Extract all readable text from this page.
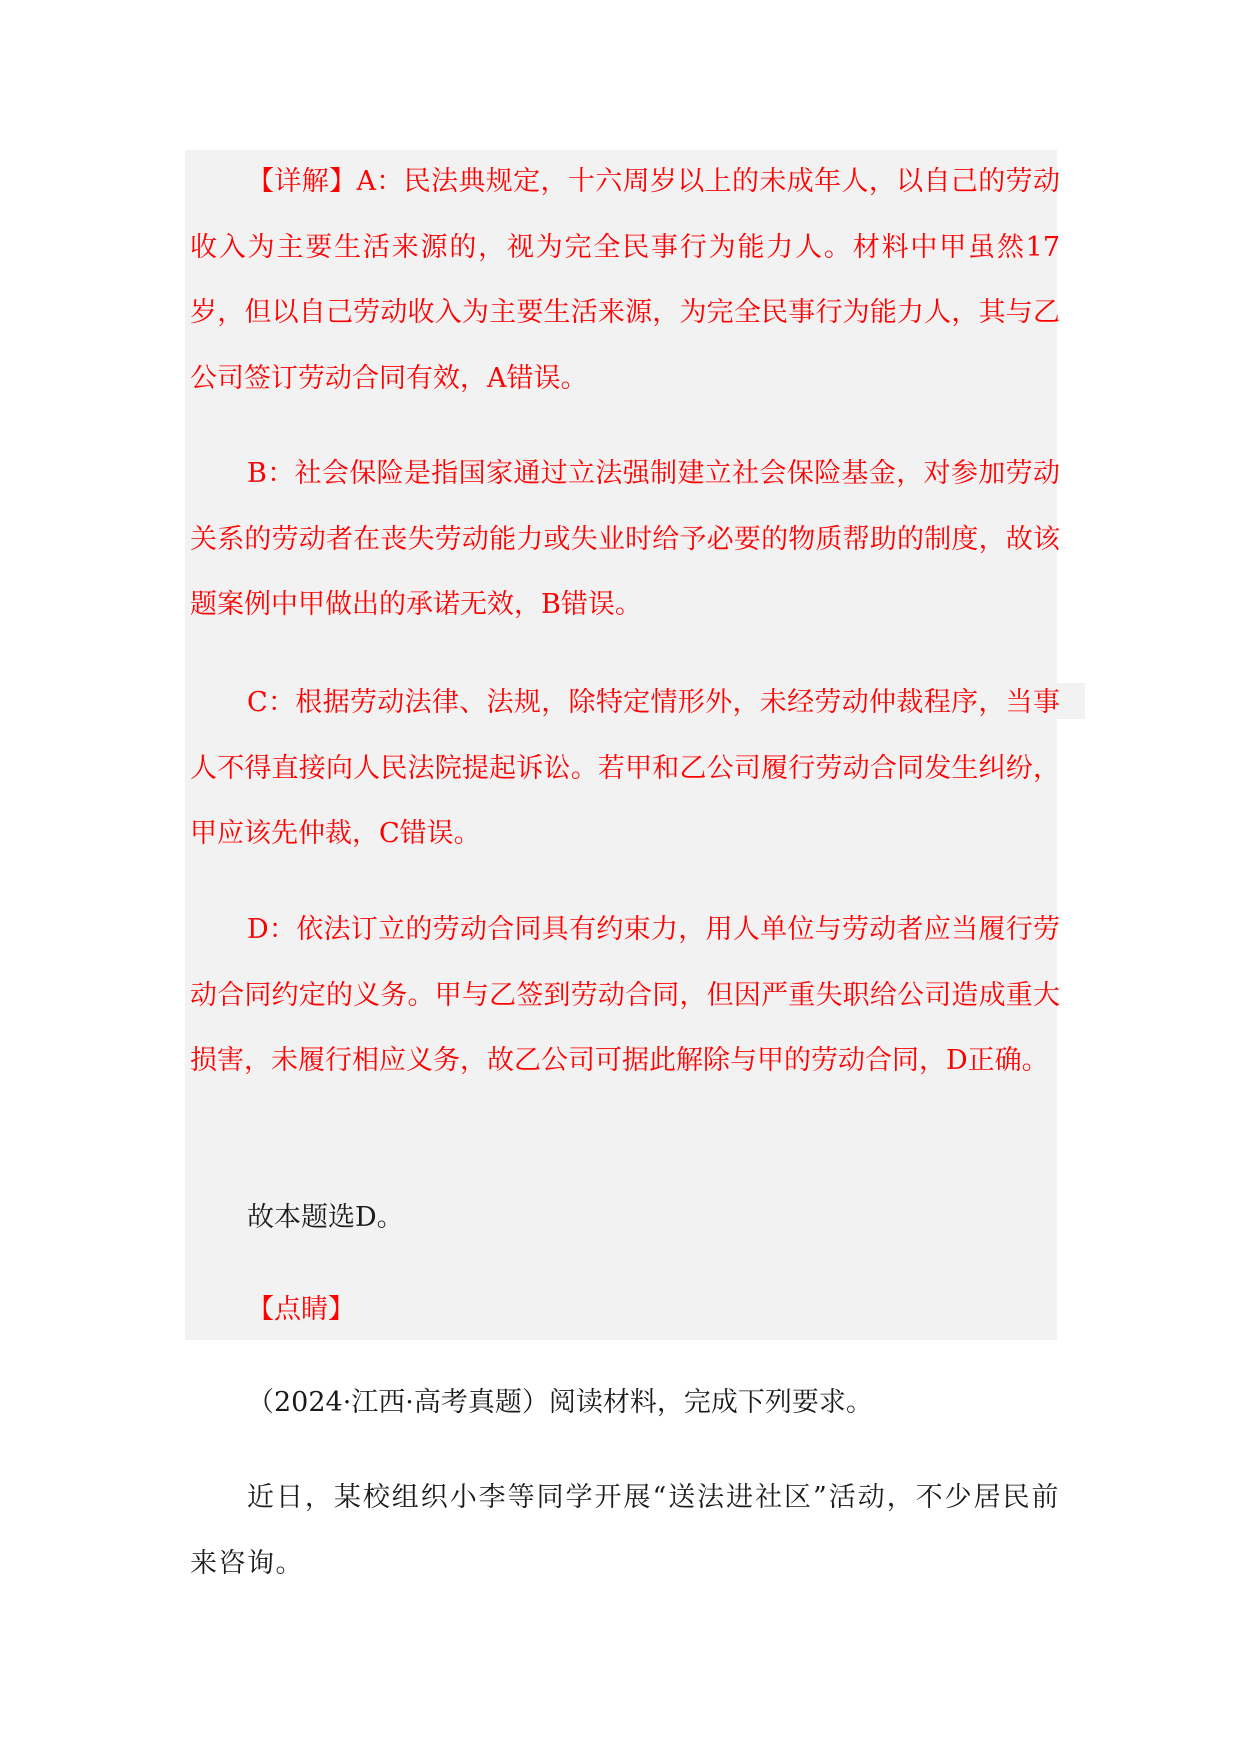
【详解】A：民法典规定，十六周岁以上的未成年人，以自己的劳动收入为主要生活来源的，视为完全民事行为能力人。材料中甲虽然17岁，但以自己劳动收入为主要生活来源，为完全民事行为能力人，其与乙公司签订劳动合同有效，A错误。

B：社会保险是指国家通过立法强制建立社会保险基金，对参加劳动关系的劳动者在丧失劳动能力或失业时给予必要的物质帮助的制度，故该题案例中甲做出的承诺无效，B错误。

C：根据劳动法律、法规，除特定情形外，未经劳动仲裁程序，当事人不得直接向人民法院提起诉讼。若甲和乙公司履行劳动合同发生纠纷，甲应该先仲裁，C错误。

D：依法订立的劳动合同具有约束力，用人单位与劳动者应当履行劳动合同约定的义务。甲与乙签到劳动合同，但因严重失职给公司造成重大损害，未履行相应义务，故乙公司可据此解除与甲的劳动合同，D正确。

故本题选D。

【点睛】

（2024·江西·高考真题）阅读材料，完成下列要求。

近日，某校组织小李等同学开展“送法进社区”活动，不少居民前来咨询。
